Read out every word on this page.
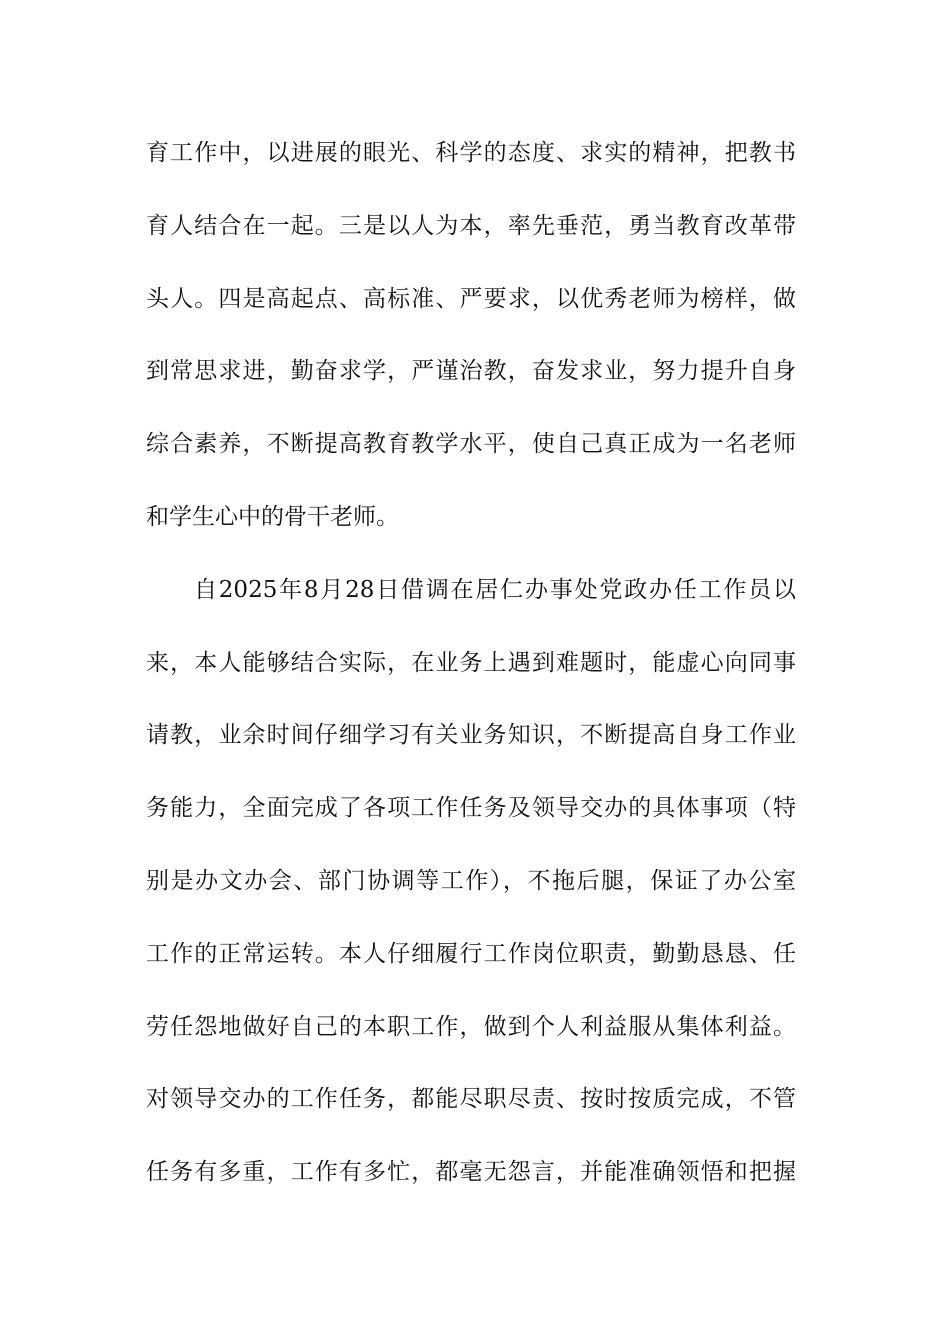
育工作中，以进展的眼光、科学的态度、求实的精神，把教书
育人结合在一起。三是以人为本，率先垂范，勇当教育改革带
头人。四是高起点、高标准、严要求，以优秀老师为榜样，做
到常思求进，勤奋求学，严谨治教，奋发求业，努力提升自身
综合素养，不断提高教育教学水平，使自己真正成为一名老师
和学生心中的骨干老师。
自2025年8月28日借调在居仁办事处党政办任工作员以
来，本人能够结合实际，在业务上遇到难题时，能虚心向同事
请教，业余时间仔细学习有关业务知识，不断提高自身工作业
务能力，全面完成了各项工作任务及领导交办的具体事项（特
别是办文办会、部门协调等工作），不拖后腿，保证了办公室
工作的正常运转。本人仔细履行工作岗位职责，勤勤恳恳、任
劳任怨地做好自己的本职工作，做到个人利益服从集体利益。
对领导交办的工作任务，都能尽职尽责、按时按质完成，不管
任务有多重，工作有多忙，都毫无怨言，并能准确领悟和把握
